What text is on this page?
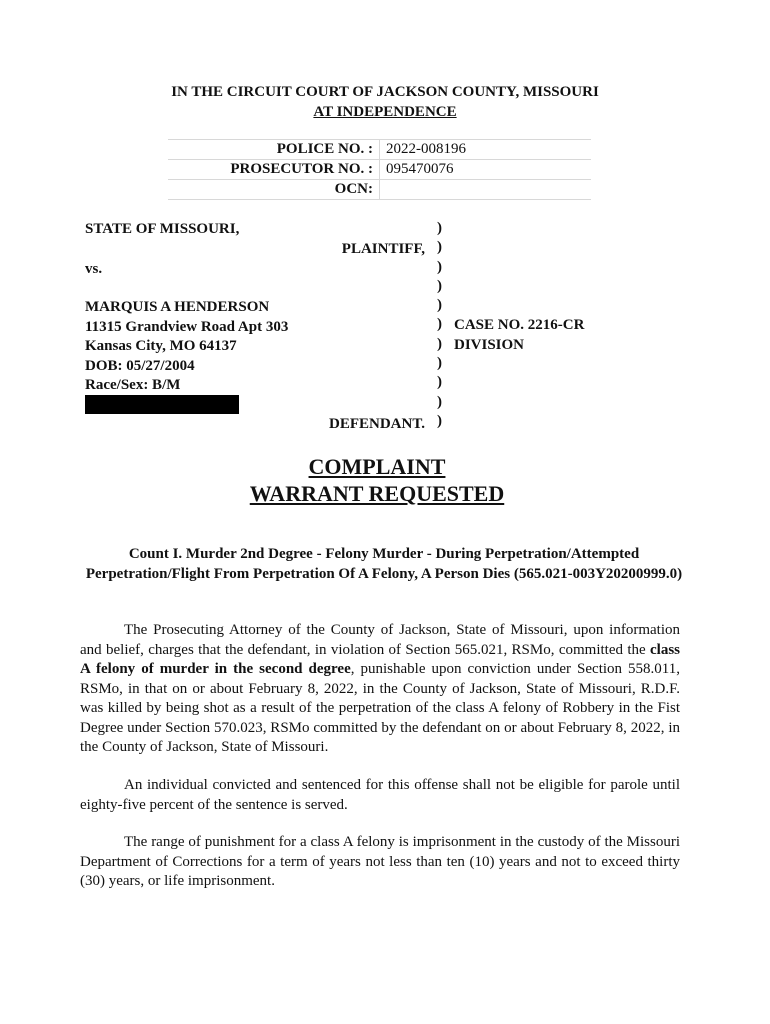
IN THE CIRCUIT COURT OF JACKSON COUNTY, MISSOURI
AT INDEPENDENCE
POLICE NO. :	2022-008196
PROSECUTOR NO. :	095470076
OCN:	
STATE OF MISSOURI,
PLAINTIFF,
vs.
MARQUIS A HENDERSON
11315 Grandview Road Apt 303
Kansas City, MO 64137
DOB: 05/27/2004
Race/Sex: B/M
DEFENDANT.
)
)
)
)
)
)
)
)
)
)
)
CASE NO. 2216-CR
DIVISION
COMPLAINT
WARRANT REQUESTED
Count I. Murder 2nd Degree - Felony Murder - During Perpetration/Attempted Perpetration/Flight From Perpetration Of A Felony, A Person Dies (565.021-003Y20200999.0)
The Prosecuting Attorney of the County of Jackson, State of Missouri, upon information and belief, charges that the defendant, in violation of Section 565.021, RSMo, committed the class A felony of murder in the second degree, punishable upon conviction under Section 558.011, RSMo, in that on or about February 8, 2022, in the County of Jackson, State of Missouri, R.D.F. was killed by being shot as a result of the perpetration of the class A felony of Robbery in the Fist Degree under Section 570.023, RSMo committed by the defendant on or about February 8, 2022, in the County of Jackson, State of Missouri.
An individual convicted and sentenced for this offense shall not be eligible for parole until eighty-five percent of the sentence is served.
The range of punishment for a class A felony is imprisonment in the custody of the Missouri Department of Corrections for a term of years not less than ten (10) years and not to exceed thirty (30) years, or life imprisonment.
